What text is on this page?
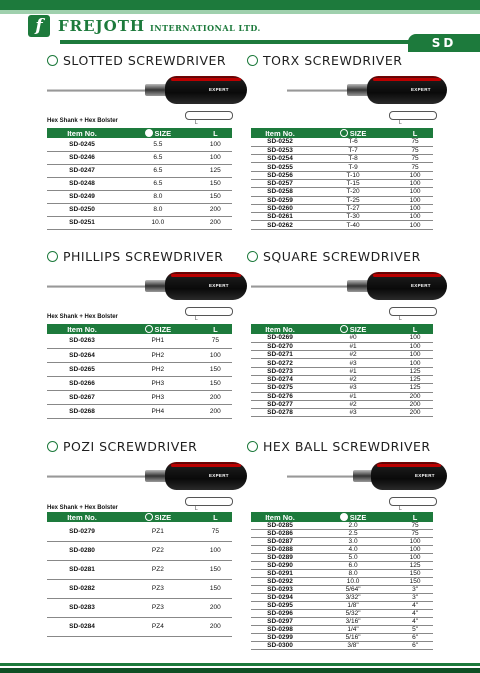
f	FREJOTH INTERNATIONAL LTD.
SD
SLOTTED SCREWDRIVER
EXPERT
L
Hex Shank + Hex Bolster
Item No.	SIZE	L
SD-0245	5.5	100
SD-0246	6.5	100
SD-0247	6.5	125
SD-0248	6.5	150
SD-0249	8.0	150
SD-0250	8.0	200
SD-0251	10.0	200
TORX SCREWDRIVER
EXPERT
L
Item No.	SIZE	L
SD-0252	T-6	75
SD-0253	T-7	75
SD-0254	T-8	75
SD-0255	T-9	75
SD-0256	T-10	100
SD-0257	T-15	100
SD-0258	T-20	100
SD-0259	T-25	100
SD-0260	T-27	100
SD-0261	T-30	100
SD-0262	T-40	100
PHILLIPS SCREWDRIVER
EXPERT
L
Hex Shank + Hex Bolster
Item No.	SIZE	L
SD-0263	PH1	75
SD-0264	PH2	100
SD-0265	PH2	150
SD-0266	PH3	150
SD-0267	PH3	200
SD-0268	PH4	200
SQUARE SCREWDRIVER
EXPERT
L
Item No.	SIZE	L
SD-0269	#0	100
SD-0270	#1	100
SD-0271	#2	100
SD-0272	#3	100
SD-0273	#1	125
SD-0274	#2	125
SD-0275	#3	125
SD-0276	#1	200
SD-0277	#2	200
SD-0278	#3	200
POZI SCREWDRIVER
EXPERT
L
Hex Shank + Hex Bolster
Item No.	SIZE	L
SD-0279	PZ1	75
SD-0280	PZ2	100
SD-0281	PZ2	150
SD-0282	PZ3	150
SD-0283	PZ3	200
SD-0284	PZ4	200
HEX BALL SCREWDRIVER
EXPERT
L
Item No.	SIZE	L
SD-0285	2.0	75
SD-0286	2.5	75
SD-0287	3.0	100
SD-0288	4.0	100
SD-0289	5.0	100
SD-0290	6.0	125
SD-0291	8.0	150
SD-0292	10.0	150
SD-0293	5/64"	3"
SD-0294	3/32"	3"
SD-0295	1/8"	4"
SD-0296	5/32"	4"
SD-0297	3/16"	4"
SD-0298	1/4"	5"
SD-0299	5/16"	6"
SD-0300	3/8"	6"
